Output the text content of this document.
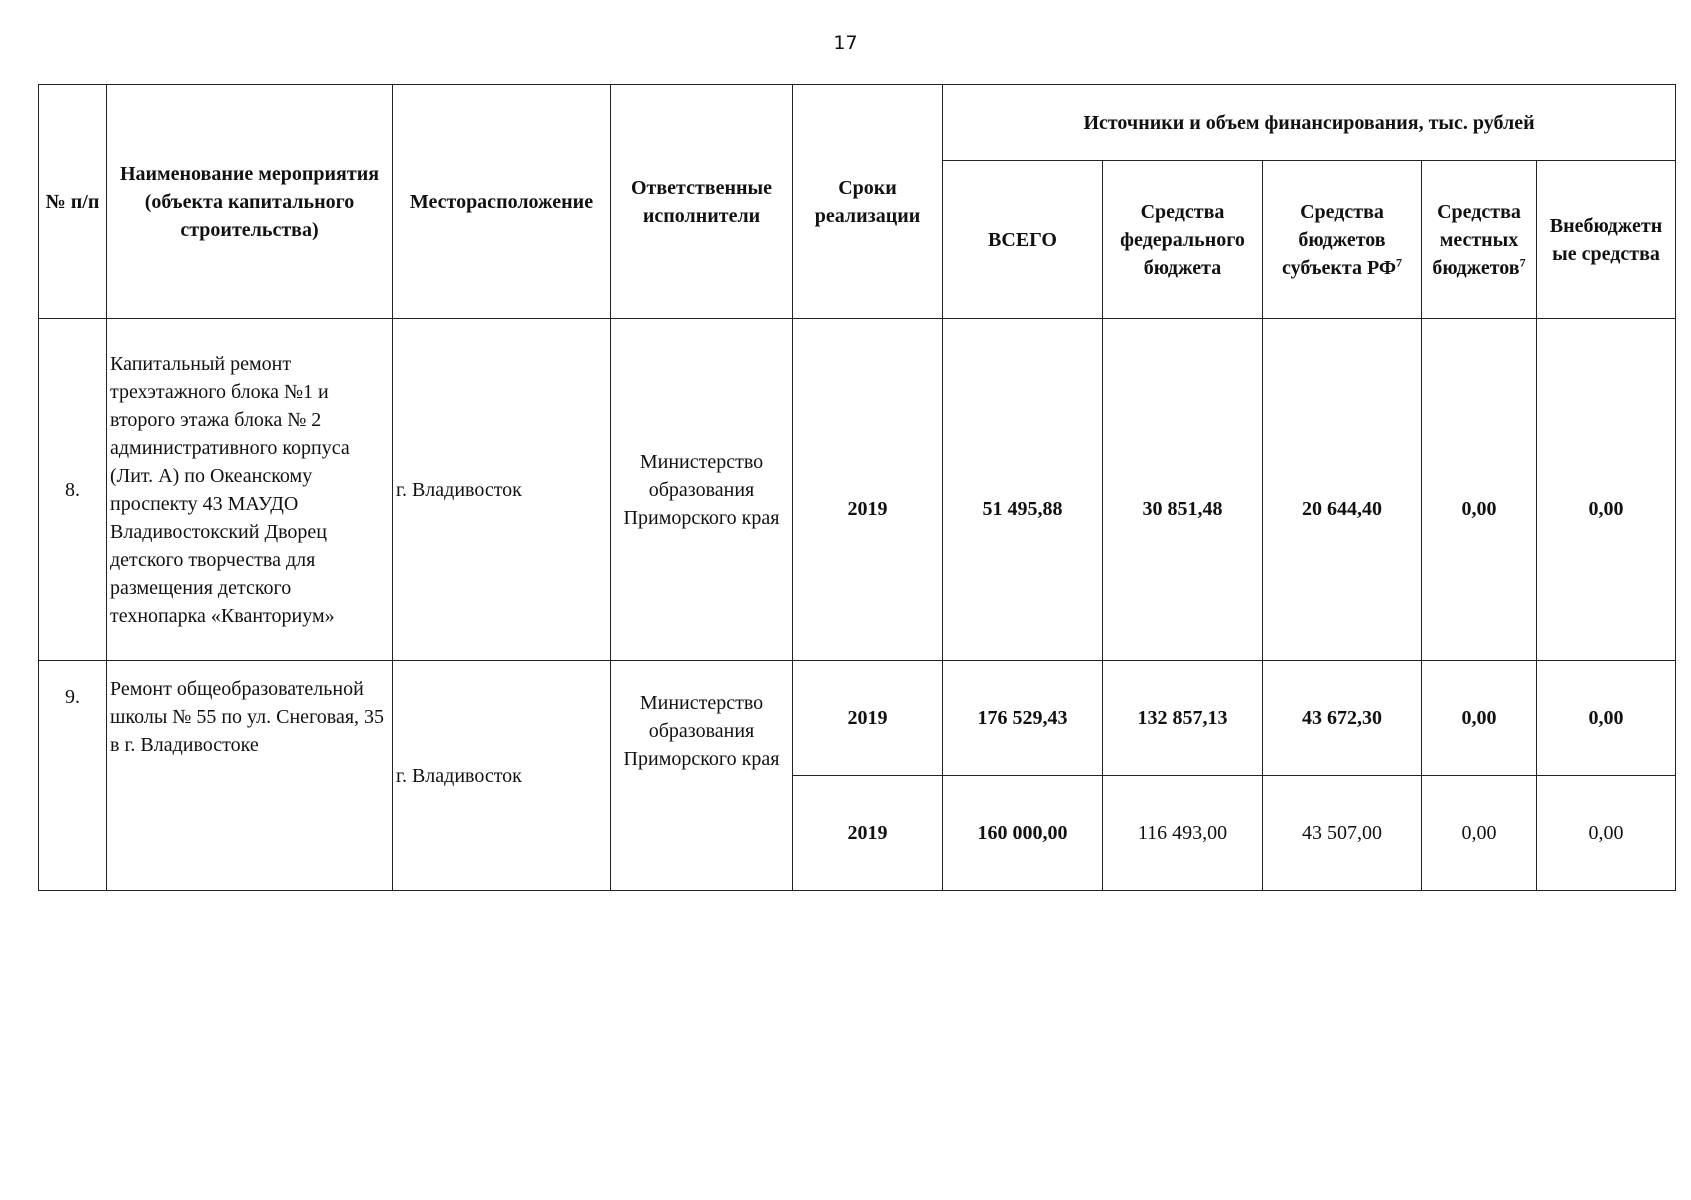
17
№ п/п	Наименование мероприятия (объекта капитального строительства)	Месторасположение	Ответственные исполнители	Сроки реализации	Источники и объем финансирования, тыс. рублей				
					ВСЕГО	Средства федерального бюджета	Средства бюджетов субъекта $РФ^7$	Средства местных бюджетов$^7$	Внебюджетн ые средства
8.	Капитальный ремонт трехэтажного блока №1 и второго этажа блока № 2 административного корпуса (Лит. А) по Океанскому проспекту 43 МАУДО Владивостокский Дворец детского творчества для размещения детского технопарка «Кванториум»	г. Владивосток	Министерство образования Приморского края	2019	51 495,88	30 851,48	20 644,40	0,00	0,00
9.	Ремонт общеобразовательной школы № 55 по ул. Снеговая, 35 в г. Владивостоке	г. Владивосток	Министерство образования Приморского края	2019	176 529,43	132 857,13	43 672,30	0,00	0,00
				2019	160 000,00	116 493,00	43 507,00	0,00	0,00
